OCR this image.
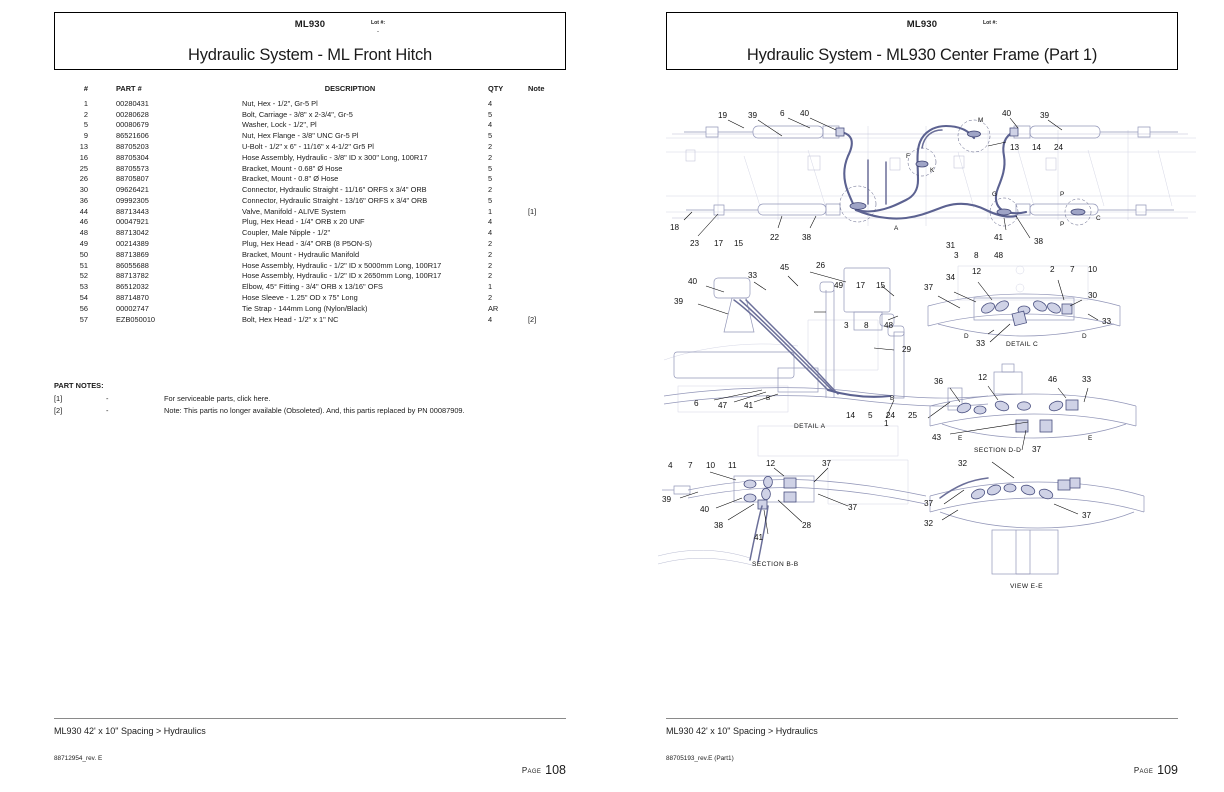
ML930	Lot #:
-
Hydraulic System - ML Front Hitch
#	PART #	DESCRIPTION	QTY	Note
1	00280431	Nut, Hex - 1/2", Gr-5 Pl	4	
2	00280628	Bolt, Carriage - 3/8" x 2-3/4", Gr-5	5	
5	00080679	Washer, Lock - 1/2", Pl	4	
9	86521606	Nut, Hex Flange - 3/8" UNC Gr-5 Pl	5	
13	88705203	U-Bolt - 1/2" x 6" - 11/16" x 4-1/2" Gr5 Pl	2	
16	88705304	Hose Assembly, Hydraulic - 3/8" ID x 300" Long, 100R17	2	
25	88705573	Bracket, Mount - 0.68" Ø Hose	5	
26	88705807	Bracket, Mount - 0.8" Ø Hose	5	
30	09626421	Connector, Hydraulic Straight - 11/16" ORFS x 3/4" ORB	2	
36	09992305	Connector, Hydraulic Straight - 13/16" ORFS x 3/4" ORB	5	
44	88713443	Valve, Manifold - ALIVE System	1	[1]
46	00047921	Plug, Hex Head - 1/4" ORB x 20 UNF	4	
48	88713042	Coupler, Male Nipple - 1/2"	4	
49	00214389	Plug, Hex Head - 3/4" ORB (8 P5ON-S)	2	
50	88713869	Bracket, Mount - Hydraulic Manifold	2	
51	86055688	Hose Assembly, Hydraulic - 1/2" ID x 5000mm Long, 100R17	2	
52	88713782	Hose Assembly, Hydraulic - 1/2" ID x 2650mm Long, 100R17	2	
53	86512032	Elbow, 45° Fitting - 3/4" ORB x 13/16" OFS	1	
54	88714870	Hose Sleeve - 1.25" OD x 75" Long	2	
56	00002747	Tie Strap - 144mm Long (Nylon/Black)	AR	
57	EZB050010	Bolt, Hex Head - 1/2" x 1" NC	4	[2]
PART NOTES:
[1]	-	For serviceable parts, click here.
[2]	-	Note: This partis no longer available (Obsoleted). And, this partis replaced by PN 00087909.
ML930 42' x 10" Spacing > Hydraulics
88712954_rev. E
Page 108
ML930	Lot #:
Hydraulic System - ML930 Center Frame (Part 1)
F
K
M
P
P
A
G
C
19	39	6 40	40	39
13 14 24
18
23 17 15
22	38	38
41
3 8 48
31
6 47 41
40
39
33
45	26
49 17 15
3 8 48
29
1
14 5 24 25
B	B
DETAIL A
37
34
12	2 7 10
30
33
33
D	D
DETAIL C
36	12	46	33
43
37
E	E
SECTION D-D
4 7 10 11	12	37
37
39
40
38
41
28
SECTION B-B
37
32
37
32
VIEW E-E
ML930 42' x 10" Spacing > Hydraulics
88705193_rev.E (Part1)
Page 109
